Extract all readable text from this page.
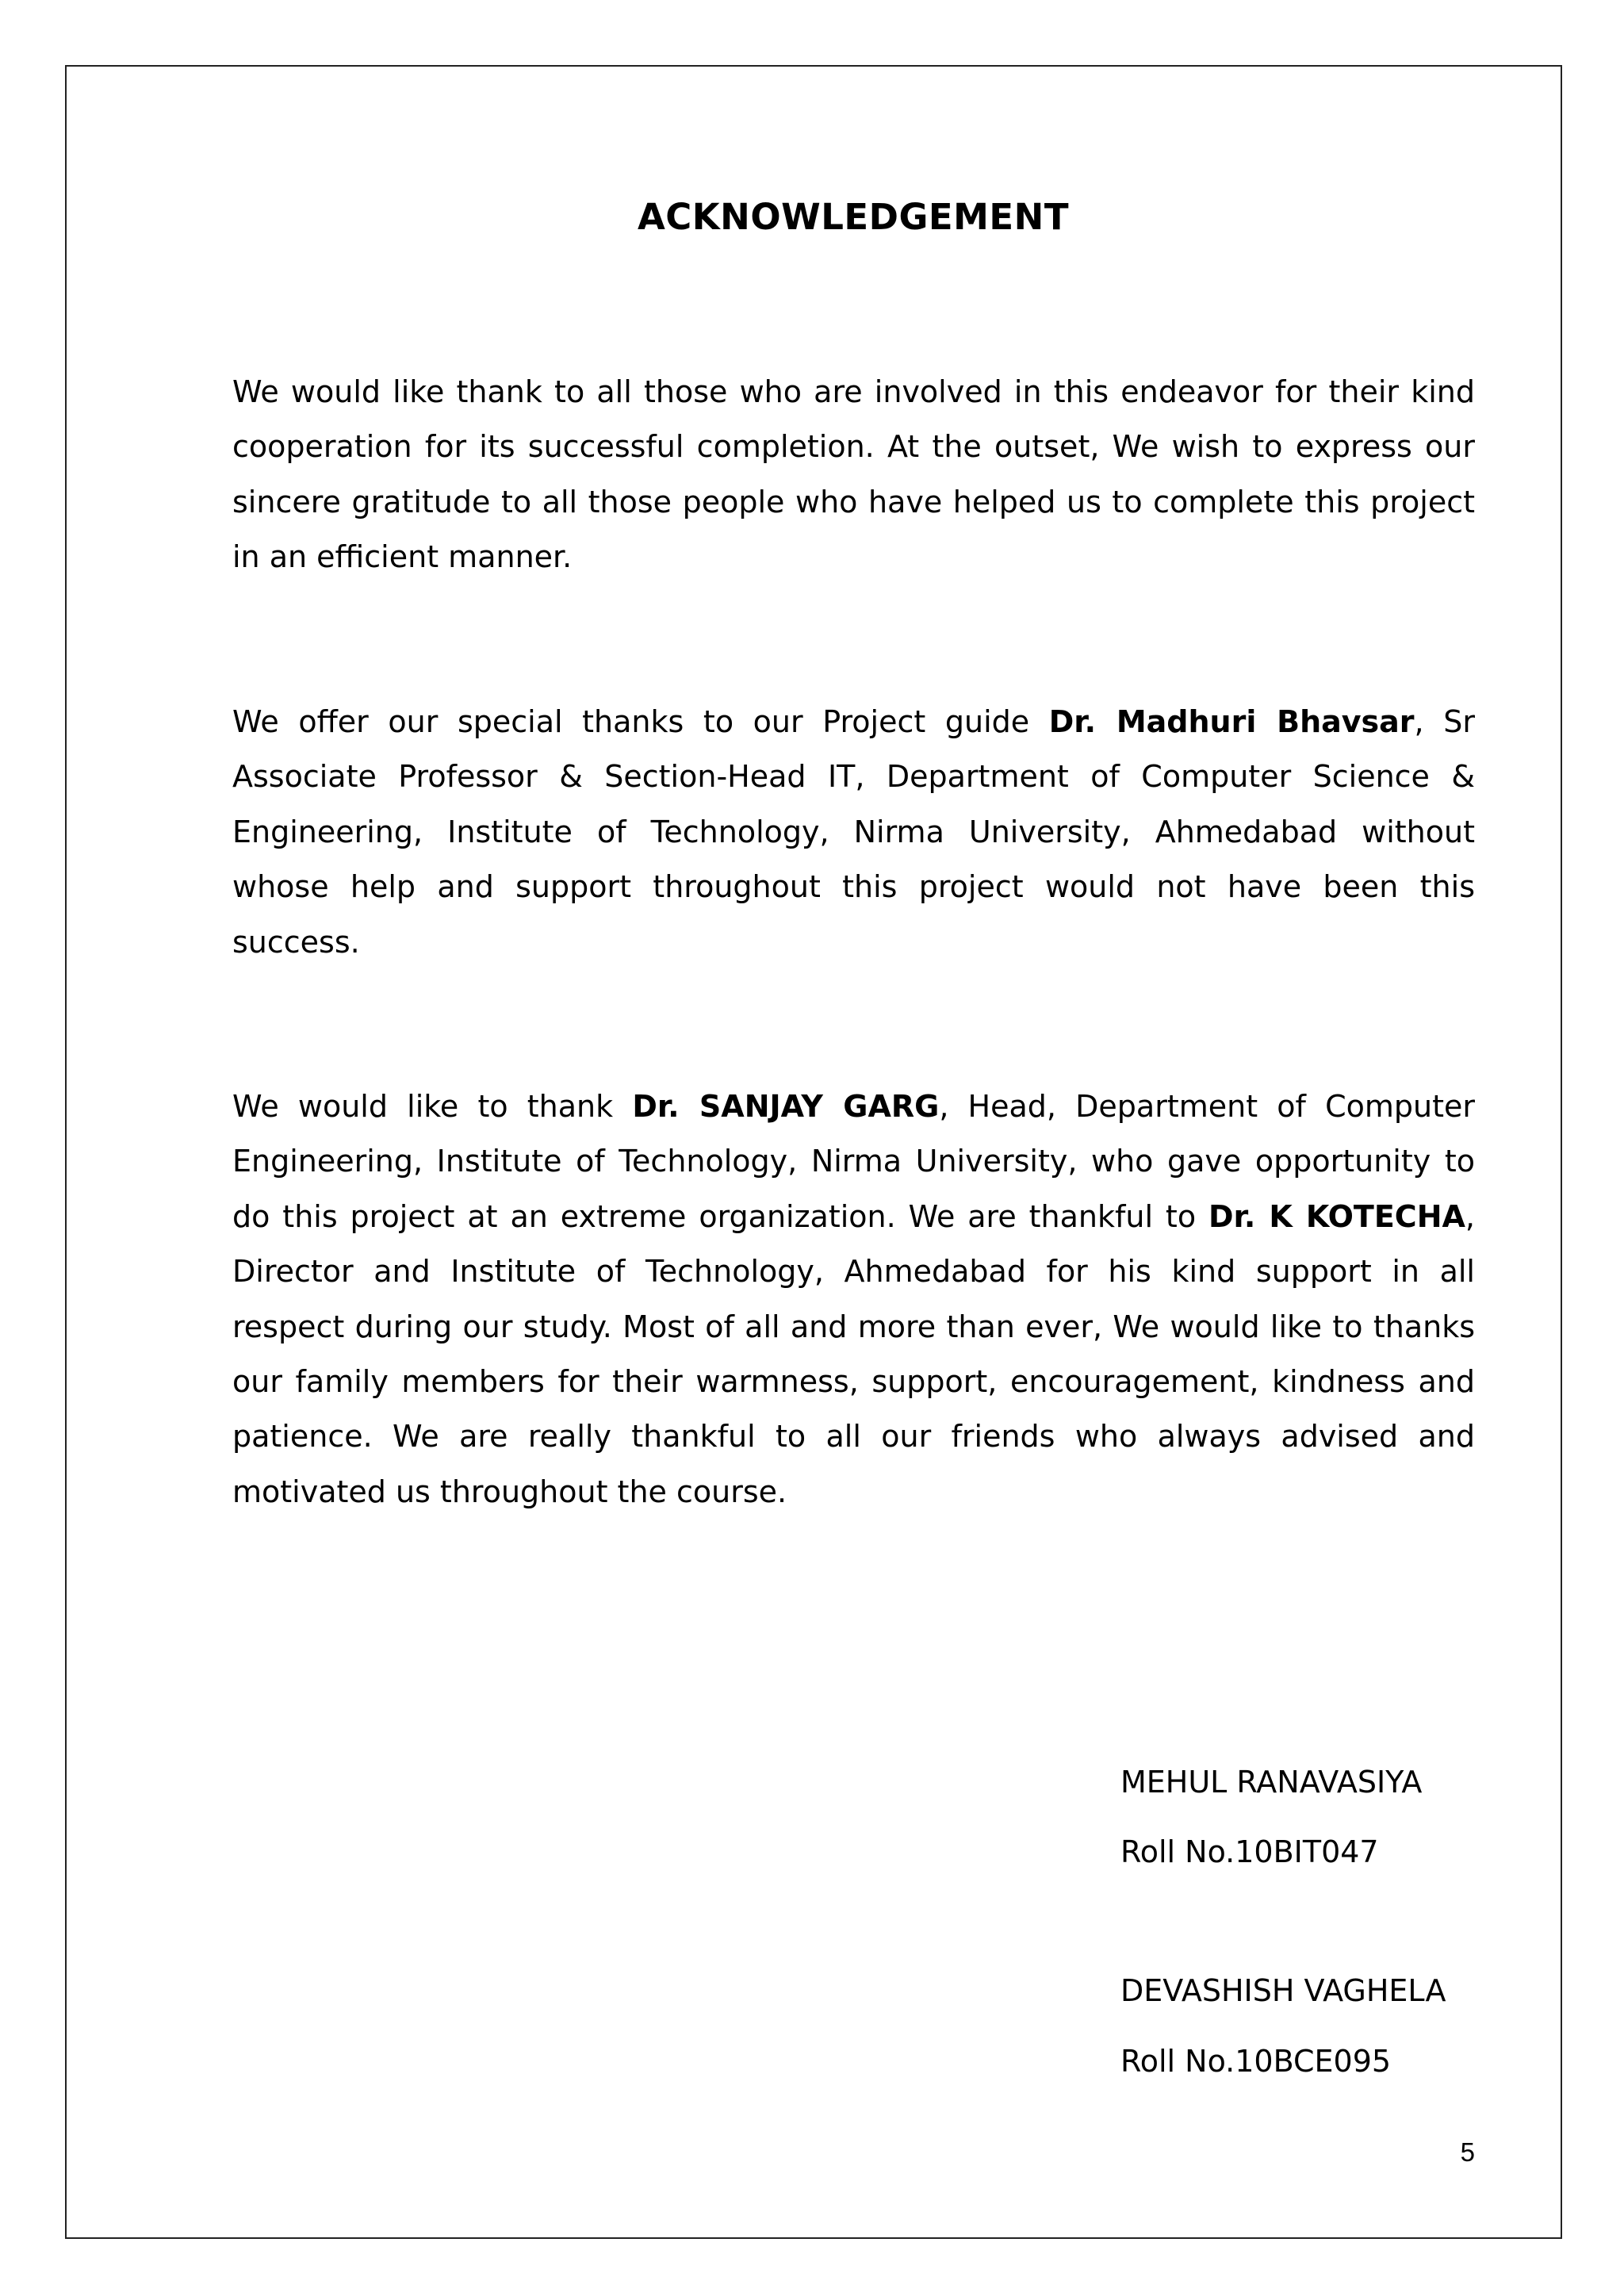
ACKNOWLEDGEMENT

We would like thank to all those who are involved in this endeavor for their kind cooperation for its successful completion. At the outset, We wish to express our sincere gratitude to all those people who have helped us to complete this project in an efficient manner.

We offer our special thanks to our Project guide Dr. Madhuri Bhavsar, Sr Associate Professor & Section-Head IT, Department of Computer Science & Engineering, Institute of Technology, Nirma University, Ahmedabad without whose help and support throughout this project would not have been this success.

We would like to thank Dr. SANJAY GARG, Head, Department of Computer Engineering, Institute of Technology, Nirma University, who gave opportunity to do this project at an extreme organization. We are thankful to Dr. K KOTECHA, Director and Institute of Technology, Ahmedabad for his kind support in all respect during our study. Most of all and more than ever, We would like to thanks our family members for their warmness, support, encouragement, kindness and patience. We are really thankful to all our friends who always advised and motivated us throughout the course.

MEHUL RANAVASIYA
Roll No.10BIT047
DEVASHISH VAGHELA
Roll No.10BCE095
5
